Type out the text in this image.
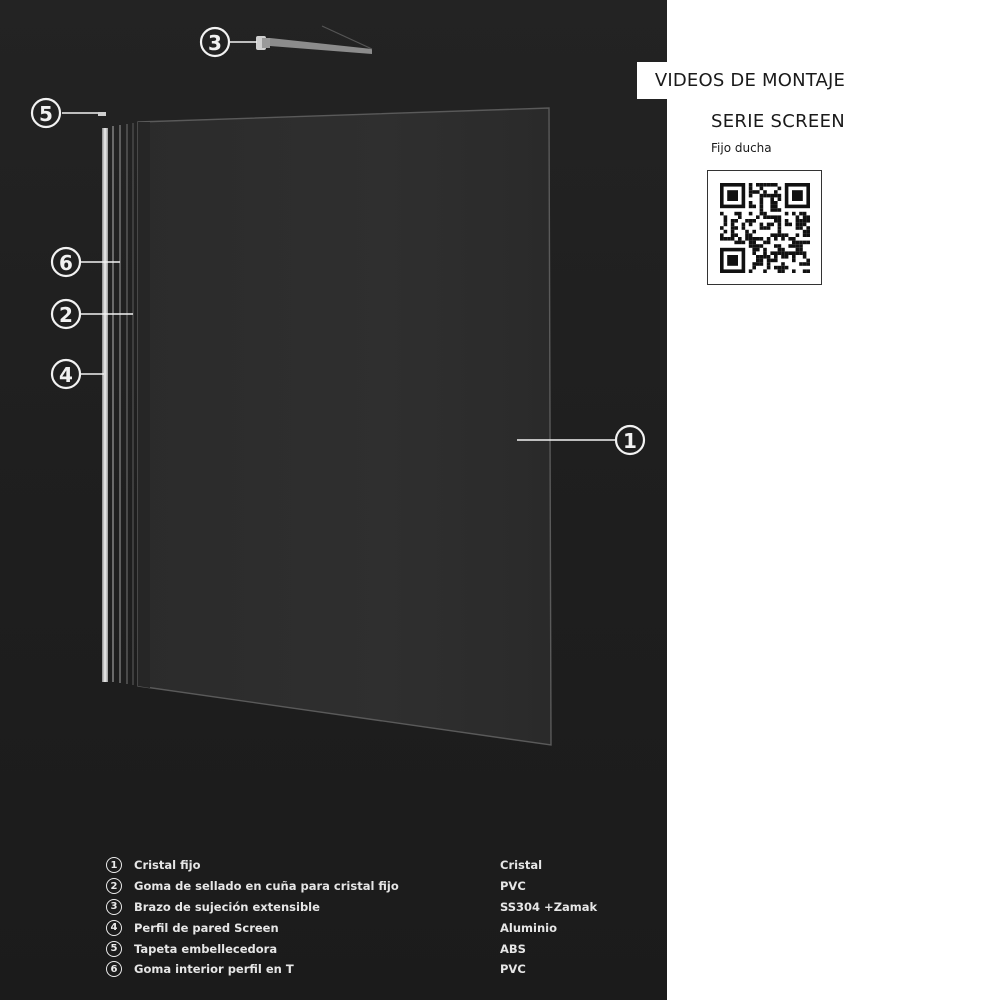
1
2
3
4
5
6
VIDEOS DE MONTAJE
SERIE SCREEN
Fijo ducha
1	Cristal fijo	Cristal
2	Goma de sellado en cuña para cristal fijo	PVC
3	Brazo de sujeción extensible	SS304 +Zamak
4	Perfil de pared Screen	Aluminio
5	Tapeta embellecedora	ABS
6	Goma interior perfil en T	PVC
